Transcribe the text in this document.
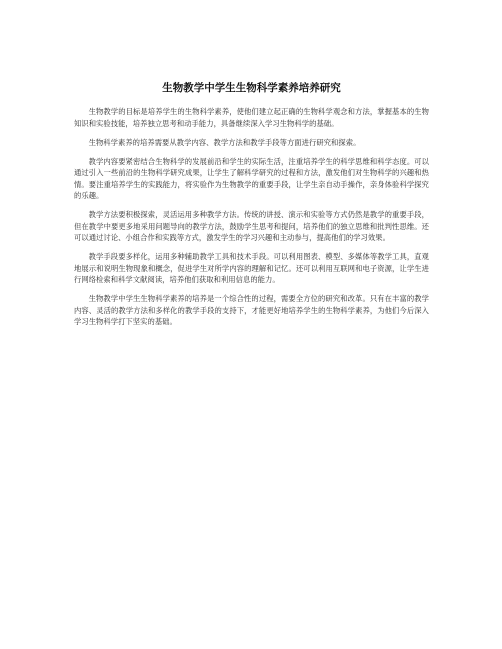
生物教学中学生生物科学素养培养研究

生物教学的目标是培养学生的生物科学素养，使他们建立起正确的生物科学观念和方法，掌握基本的生物知识和实验技能，培养独立思考和动手能力，具备继续深入学习生物科学的基础。

生物科学素养的培养需要从教学内容、教学方法和教学手段等方面进行研究和探索。

教学内容要紧密结合生物科学的发展前沿和学生的实际生活，注重培养学生的科学思维和科学态度。可以通过引入一些前沿的生物科学研究成果，让学生了解科学研究的过程和方法，激发他们对生物科学的兴趣和热情。要注重培养学生的实践能力，将实验作为生物教学的重要手段，让学生亲自动手操作，亲身体验科学探究的乐趣。

教学方法要积极探索，灵活运用多种教学方法。传统的讲授、演示和实验等方式仍然是教学的重要手段，但在教学中要更多地采用问题导向的教学方法，鼓励学生思考和提问，培养他们的独立思维和批判性思维。还可以通过讨论、小组合作和实践等方式，激发学生的学习兴趣和主动参与，提高他们的学习效果。

教学手段要多样化，运用多种辅助教学工具和技术手段。可以利用图表、模型、多媒体等教学工具，直观地展示和说明生物现象和概念，促进学生对所学内容的理解和记忆。还可以利用互联网和电子资源，让学生进行网络检索和科学文献阅读，培养他们获取和利用信息的能力。

生物教学中学生生物科学素养的培养是一个综合性的过程，需要全方位的研究和改革。只有在丰富的教学内容、灵活的教学方法和多样化的教学手段的支持下，才能更好地培养学生的生物科学素养，为他们今后深入学习生物科学打下坚实的基础。
